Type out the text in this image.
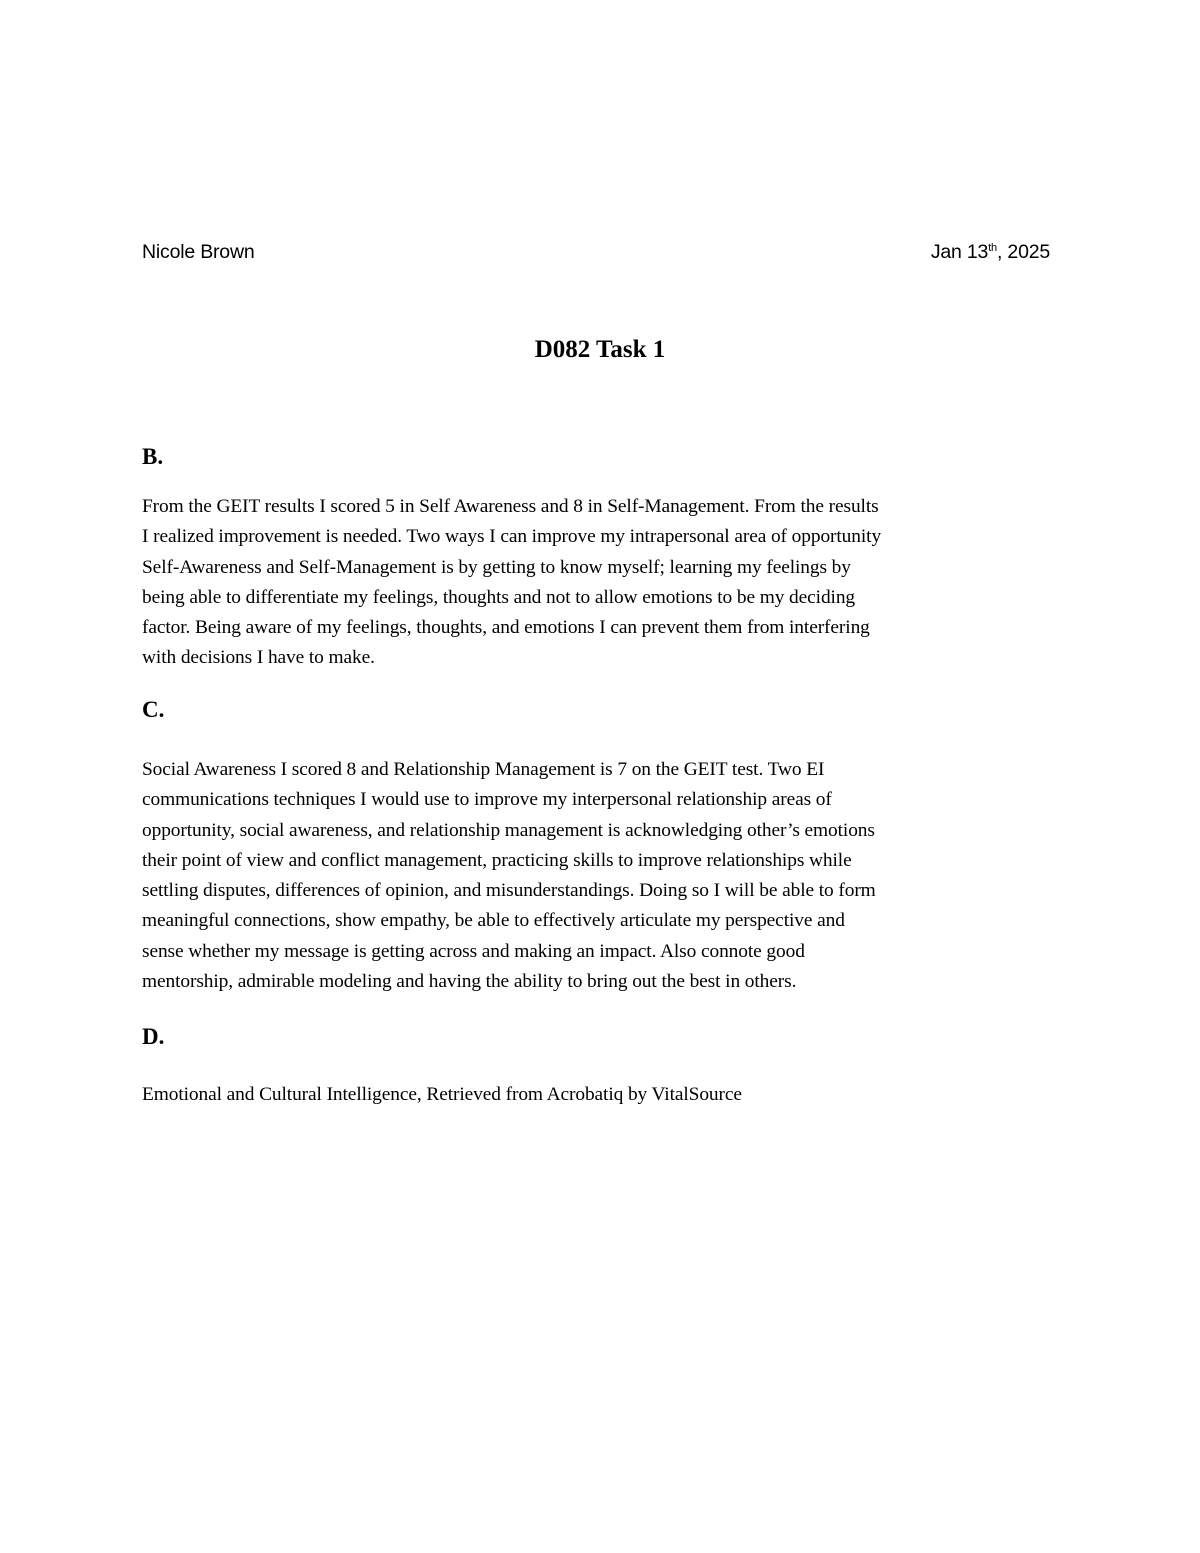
Nicole Brown	Jan 13th, 2025
D082 Task 1
B.
From the GEIT results I scored 5 in Self Awareness and 8 in Self-Management. From the results
I realized improvement is needed. Two ways I can improve my intrapersonal area of opportunity
Self-Awareness and Self-Management is by getting to know myself; learning my feelings by
being able to differentiate my feelings, thoughts and not to allow emotions to be my deciding
factor. Being aware of my feelings, thoughts, and emotions I can prevent them from interfering
with decisions I have to make.
C.
Social Awareness I scored 8 and Relationship Management is 7 on the GEIT test. Two EI
communications techniques I would use to improve my interpersonal relationship areas of
opportunity, social awareness, and relationship management is acknowledging other’s emotions
their point of view and conflict management, practicing skills to improve relationships while
settling disputes, differences of opinion, and misunderstandings. Doing so I will be able to form
meaningful connections, show empathy, be able to effectively articulate my perspective and
sense whether my message is getting across and making an impact. Also connote good
mentorship, admirable modeling and having the ability to bring out the best in others.
D.
Emotional and Cultural Intelligence, Retrieved from Acrobatiq by VitalSource
